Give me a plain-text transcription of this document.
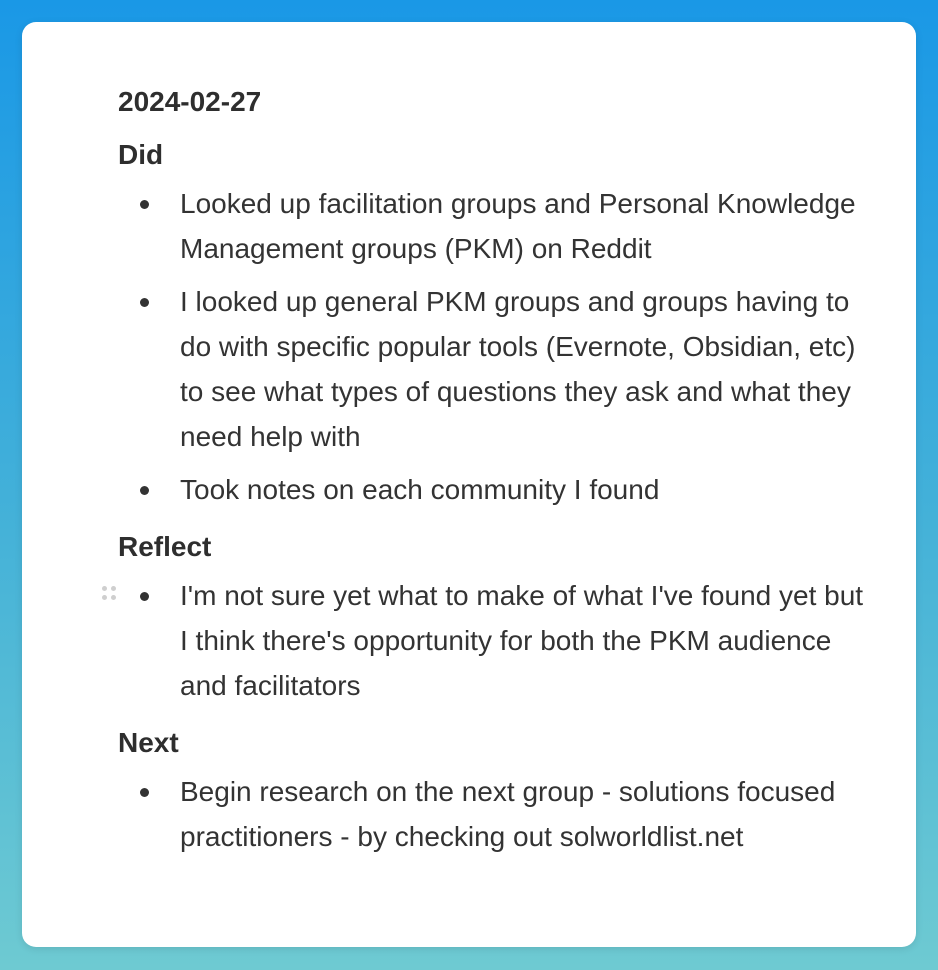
2024-02-27
Did
Looked up facilitation groups and Personal Knowledge Management groups (PKM) on Reddit
I looked up general PKM groups and groups having to do with specific popular tools (Evernote, Obsidian, etc) to see what types of questions they ask and what they need help with
Took notes on each community I found
Reflect
I'm not sure yet what to make of what I've found yet but I think there's opportunity for both the PKM audience and facilitators
Next
Begin research on the next group - solutions focused practitioners - by checking out solworldlist.net
